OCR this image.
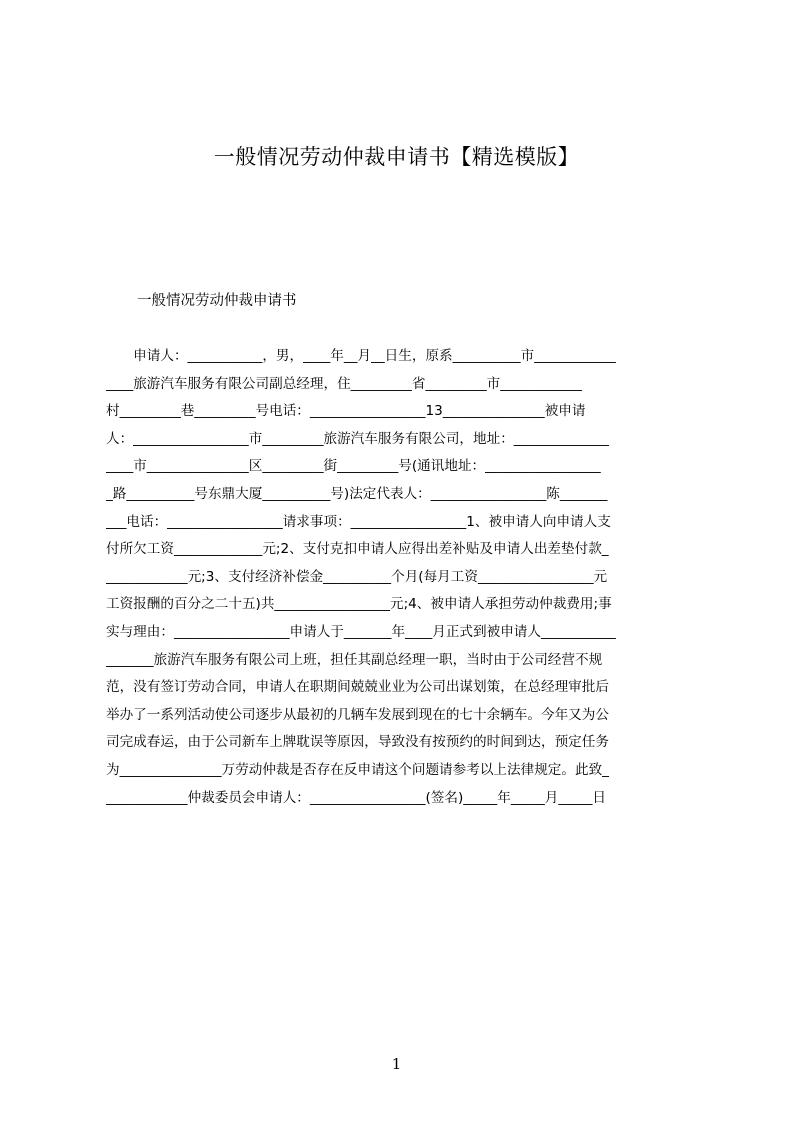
一般情况劳动仲裁申请书【精选模版】
一般情况劳动仲裁申请书
　　申请人：___________，男，____年__月__日生，原系__________市____________
____旅游汽车服务有限公司副总经理，住_________省_________市____________
村_________巷_________号电话：_________________13_______________被申请
人：_________________市_________旅游汽车服务有限公司，地址：______________
____市_______________区_________街_________号(通讯地址：_________________
_路__________号东鼎大厦__________号)法定代表人：_________________陈_______
___电话：_________________请求事项：_________________1、被申请人向申请人支
付所欠工资_____________元;2、支付克扣申请人应得出差补贴及申请人出差垫付款_
____________元;3、支付经济补偿金__________个月(每月工资_________________元
工资报酬的百分之二十五)共_________________元;4、被申请人承担劳动仲裁费用;事
实与理由：_________________申请人于_______年____月正式到被申请人___________
_______旅游汽车服务有限公司上班，担任其副总经理一职，当时由于公司经营不规
范，没有签订劳动合同，申请人在职期间兢兢业业为公司出谋划策，在总经理审批后
举办了一系列活动使公司逐步从最初的几辆车发展到现在的七十余辆车。今年又为公
司完成春运，由于公司新车上牌耽误等原因，导致没有按预约的时间到达，预定任务
为_______________万劳动仲裁是否存在反申请这个问题请参考以上法律规定。此致_
____________仲裁委员会申请人：_________________(签名)_____年_____月_____日
1
